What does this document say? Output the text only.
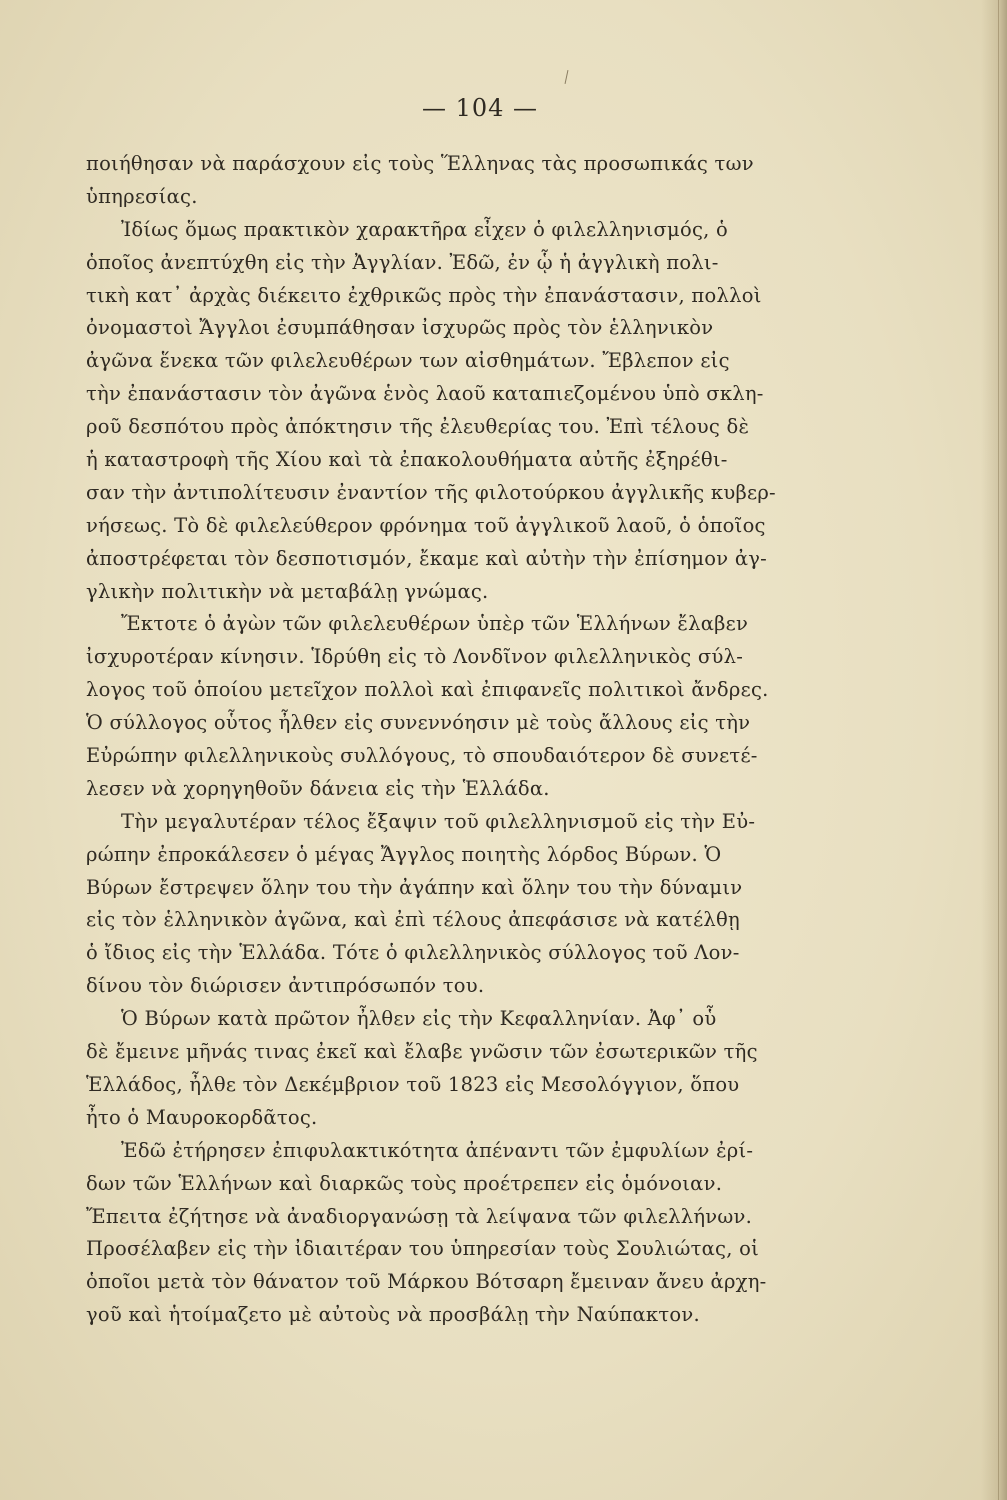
— 104 —
ποιήθησαν νὰ παράσχουν εἰς τοὺς Ἕλληνας τὰς προσωπικάς των
ὑπηρεσίας.
Ἰδίως ὅμως πρακτικὸν χαρακτῆρα εἶχεν ὁ φιλελληνισμός, ὁ
ὁποῖος ἀνεπτύχθη εἰς τὴν Ἀγγλίαν. Ἐδῶ, ἐν ᾧ ἡ ἀγγλικὴ πολι-
τικὴ κατ᾿ ἀρχὰς διέκειτο ἐχθρικῶς πρὸς τὴν ἐπανάστασιν, πολλοὶ
ὀνομαστοὶ Ἄγγλοι ἐσυμπάθησαν ἰσχυρῶς πρὸς τὸν ἑλληνικὸν
ἀγῶνα ἕνεκα τῶν φιλελευθέρων των αἰσθημάτων. Ἔβλεπον εἰς
τὴν ἐπανάστασιν τὸν ἀγῶνα ἑνὸς λαοῦ καταπιεζομένου ὑπὸ σκλη-
ροῦ δεσπότου πρὸς ἀπόκτησιν τῆς ἐλευθερίας του. Ἐπὶ τέλους δὲ
ἡ καταστροφὴ τῆς Χίου καὶ τὰ ἐπακολουθήματα αὐτῆς ἐξηρέθι-
σαν τὴν ἀντιπολίτευσιν ἐναντίον τῆς φιλοτούρκου ἀγγλικῆς κυβερ-
νήσεως. Τὸ δὲ φιλελεύθερον φρόνημα τοῦ ἀγγλικοῦ λαοῦ, ὁ ὁποῖος
ἀποστρέφεται τὸν δεσποτισμόν, ἔκαμε καὶ αὐτὴν τὴν ἐπίσημον ἀγ-
γλικὴν πολιτικὴν νὰ μεταβάλῃ γνώμας.
Ἔκτοτε ὁ ἀγὼν τῶν φιλελευθέρων ὑπὲρ τῶν Ἑλλήνων ἔλαβεν
ἰσχυροτέραν κίνησιν. Ἱδρύθη εἰς τὸ Λονδῖνον φιλελληνικὸς σύλ-
λογος τοῦ ὁποίου μετεῖχον πολλοὶ καὶ ἐπιφανεῖς πολιτικοὶ ἄνδρες.
Ὁ σύλλογος οὗτος ἦλθεν εἰς συνεννόησιν μὲ τοὺς ἄλλους εἰς τὴν
Εὐρώπην φιλελληνικοὺς συλλόγους, τὸ σπουδαιότερον δὲ συνετέ-
λεσεν νὰ χορηγηθοῦν δάνεια εἰς τὴν Ἑλλάδα.
Τὴν μεγαλυτέραν τέλος ἔξαψιν τοῦ φιλελληνισμοῦ εἰς τὴν Εὐ-
ρώπην ἐπροκάλεσεν ὁ μέγας Ἄγγλος ποιητὴς λόρδος Βύρων. Ὁ
Βύρων ἔστρεψεν ὅλην του τὴν ἀγάπην καὶ ὅλην του τὴν δύναμιν
εἰς τὸν ἑλληνικὸν ἀγῶνα, καὶ ἐπὶ τέλους ἀπεφάσισε νὰ κατέλθῃ
ὁ ἴδιος εἰς τὴν Ἑλλάδα. Τότε ὁ φιλελληνικὸς σύλλογος τοῦ Λον-
δίνου τὸν διώρισεν ἀντιπρόσωπόν του.
Ὁ Βύρων κατὰ πρῶτον ἦλθεν εἰς τὴν Κεφαλληνίαν. Ἀφ᾿ οὗ
δὲ ἔμεινε μῆνάς τινας ἐκεῖ καὶ ἔλαβε γνῶσιν τῶν ἐσωτερικῶν τῆς
Ἑλλάδος, ἦλθε τὸν Δεκέμβριον τοῦ 1823 εἰς Μεσολόγγιον, ὅπου
ἦτο ὁ Μαυροκορδᾶτος.
Ἐδῶ ἐτήρησεν ἐπιφυλακτικότητα ἀπέναντι τῶν ἐμφυλίων ἐρί-
δων τῶν Ἑλλήνων καὶ διαρκῶς τοὺς προέτρεπεν εἰς ὁμόνοιαν.
Ἔπειτα ἐζήτησε νὰ ἀναδιοργανώσῃ τὰ λείψανα τῶν φιλελλήνων.
Προσέλαβεν εἰς τὴν ἰδιαιτέραν του ὑπηρεσίαν τοὺς Σουλιώτας, οἱ
ὁποῖοι μετὰ τὸν θάνατον τοῦ Μάρκου Βότσαρη ἔμειναν ἄνευ ἀρχη-
γοῦ καὶ ἡτοίμαζετο μὲ αὐτοὺς νὰ προσβάλῃ τὴν Ναύπακτον.
